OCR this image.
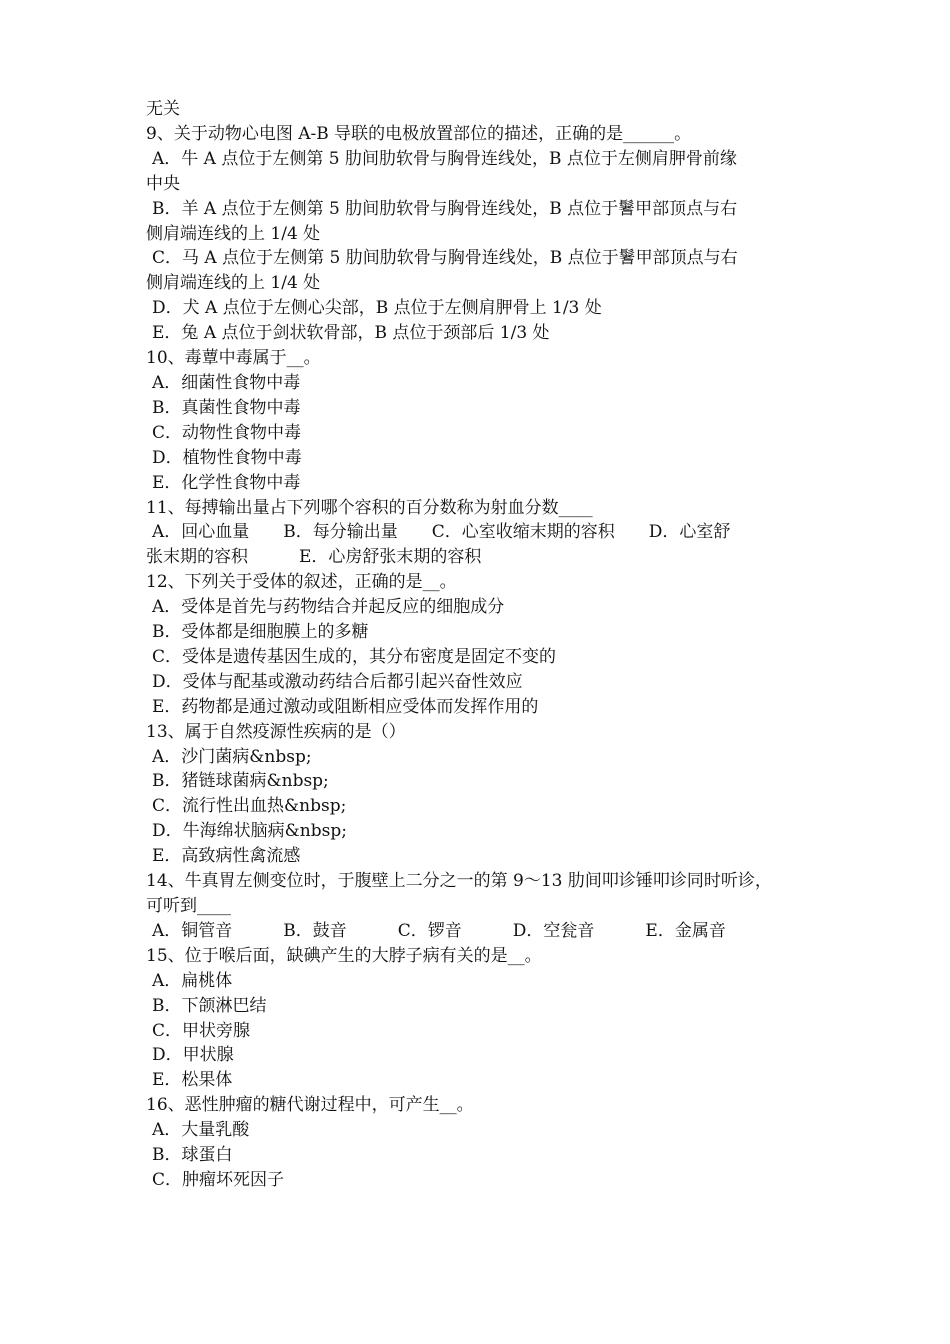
无关

9、关于动物心电图 A-B 导联的电极放置部位的描述，正确的是______。

A．牛 A 点位于左侧第 5 肋间肋软骨与胸骨连线处，B 点位于左侧肩胛骨前缘

中央

B．羊 A 点位于左侧第 5 肋间肋软骨与胸骨连线处，B 点位于鬐甲部顶点与右

侧肩端连线的上 1/4 处

C．马 A 点位于左侧第 5 肋间肋软骨与胸骨连线处，B 点位于鬐甲部顶点与右

侧肩端连线的上 1/4 处

D．犬 A 点位于左侧心尖部，B 点位于左侧肩胛骨上 1/3 处

E．兔 A 点位于剑状软骨部，B 点位于颈部后 1/3 处

10、毒蕈中毒属于__。

A．细菌性食物中毒

B．真菌性食物中毒

C．动物性食物中毒

D．植物性食物中毒

E．化学性食物中毒

11、每搏输出量占下列哪个容积的百分数称为射血分数____

A．回心血量　　B．每分输出量　　C．心室收缩末期的容积　　D．心室舒

张末期的容积　　　E．心房舒张末期的容积

12、下列关于受体的叙述，正确的是__。

A．受体是首先与药物结合并起反应的细胞成分

B．受体都是细胞膜上的多糖

C．受体是遗传基因生成的，其分布密度是固定不变的

D．受体与配基或激动药结合后都引起兴奋性效应

E．药物都是通过激动或阻断相应受体而发挥作用的

13、属于自然疫源性疾病的是（）

A．沙门菌病&nbsp;

B．猪链球菌病&nbsp;

C．流行性出血热&nbsp;

D．牛海绵状脑病&nbsp;

E．高致病性禽流感

14、牛真胃左侧变位时，于腹壁上二分之一的第 9～13 肋间叩诊锤叩诊同时听诊，

可听到____

A．铜管音　　　B．鼓音　　　C．锣音　　　D．空瓮音　　　E．金属音

15、位于喉后面，缺碘产生的大脖子病有关的是__。

A．扁桃体

B．下颌淋巴结

C．甲状旁腺

D．甲状腺

E．松果体

16、恶性肿瘤的糖代谢过程中，可产生__。

A．大量乳酸

B．球蛋白

C．肿瘤坏死因子
